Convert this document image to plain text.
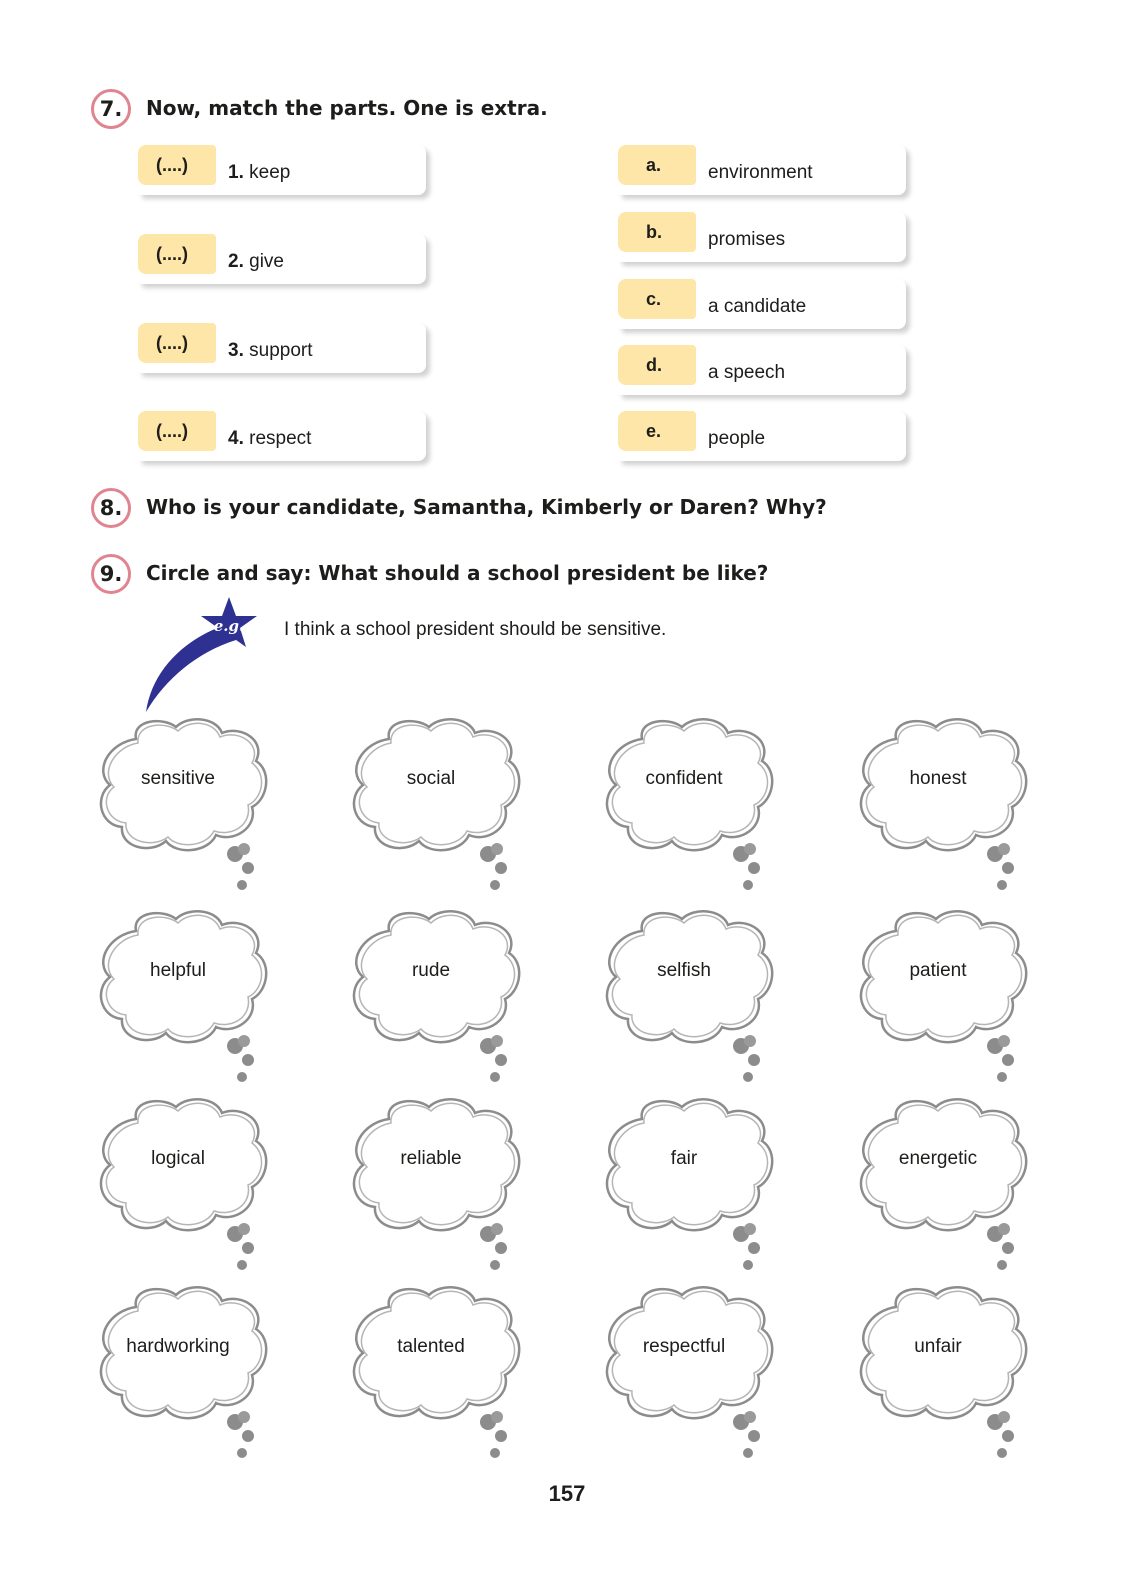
7. Now, match the parts. One is extra.
(....) 1. keep
(....) 2. give
(....) 3. support
(....) 4. respect
a. environment
b. promises
c. a candidate
d. a speech
e. people
8. Who is your candidate, Samantha, Kimberly or Daren? Why?
9. Circle and say: What should a school president be like?
e.g. I think a school president should be sensitive.
sensitive	social	confident	honest
helpful	rude	selfish	patient
logical	reliable	fair	energetic
hardworking	talented	respectful	unfair
157
